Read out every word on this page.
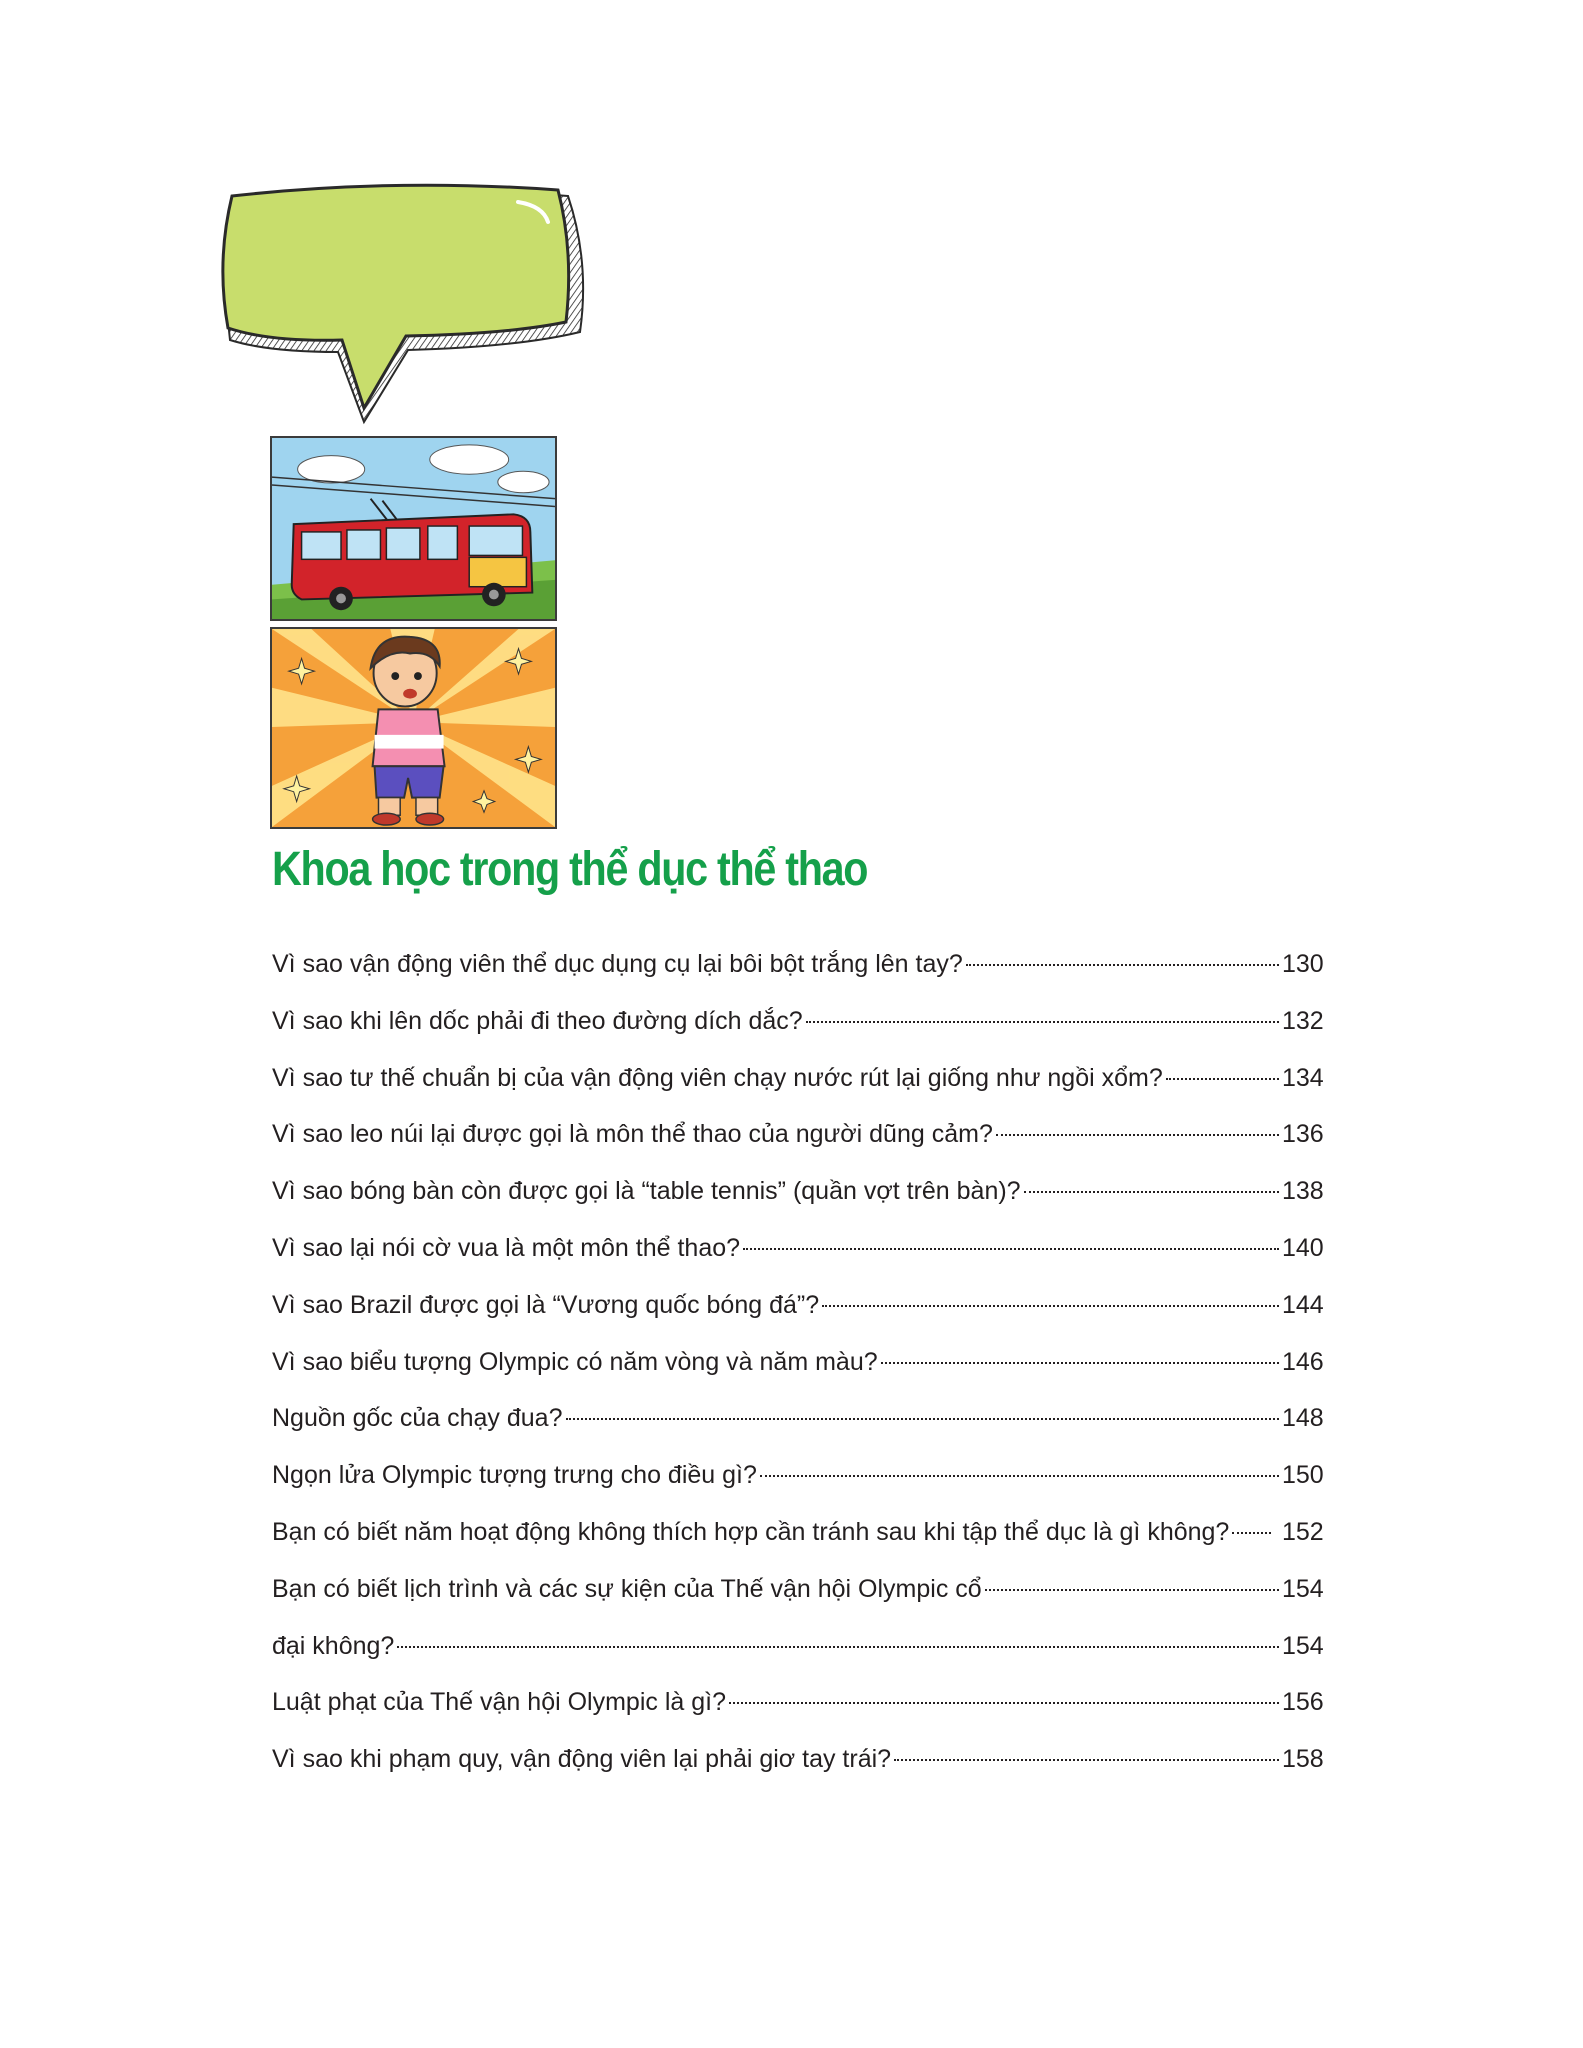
Khoa học trong thể dục thể thao
Vì sao vận động viên thể dục dụng cụ lại bôi bột trắng lên tay?	130
Vì sao khi lên dốc phải đi theo đường dích dắc?	132
Vì sao tư thế chuẩn bị của vận động viên chạy nước rút lại giống như ngồi xổm?	134
Vì sao leo núi lại được gọi là môn thể thao của người dũng cảm?	136
Vì sao bóng bàn còn được gọi là “table tennis” (quần vợt trên bàn)?	138
Vì sao lại nói cờ vua là một môn thể thao?	140
Vì sao Brazil được gọi là “Vương quốc bóng đá”?	144
Vì sao biểu tượng Olympic có năm vòng và năm màu?	146
Nguồn gốc của chạy đua?	148
Ngọn lửa Olympic tượng trưng cho điều gì?	150
Bạn có biết năm hoạt động không thích hợp cần tránh sau khi tập thể dục là gì không? 152
Bạn có biết lịch trình và các sự kiện của Thế vận hội Olympic cổ	154
đại không?	154
Luật phạt của Thế vận hội Olympic là gì?	156
Vì sao khi phạm quy, vận động viên lại phải giơ tay trái?	158
